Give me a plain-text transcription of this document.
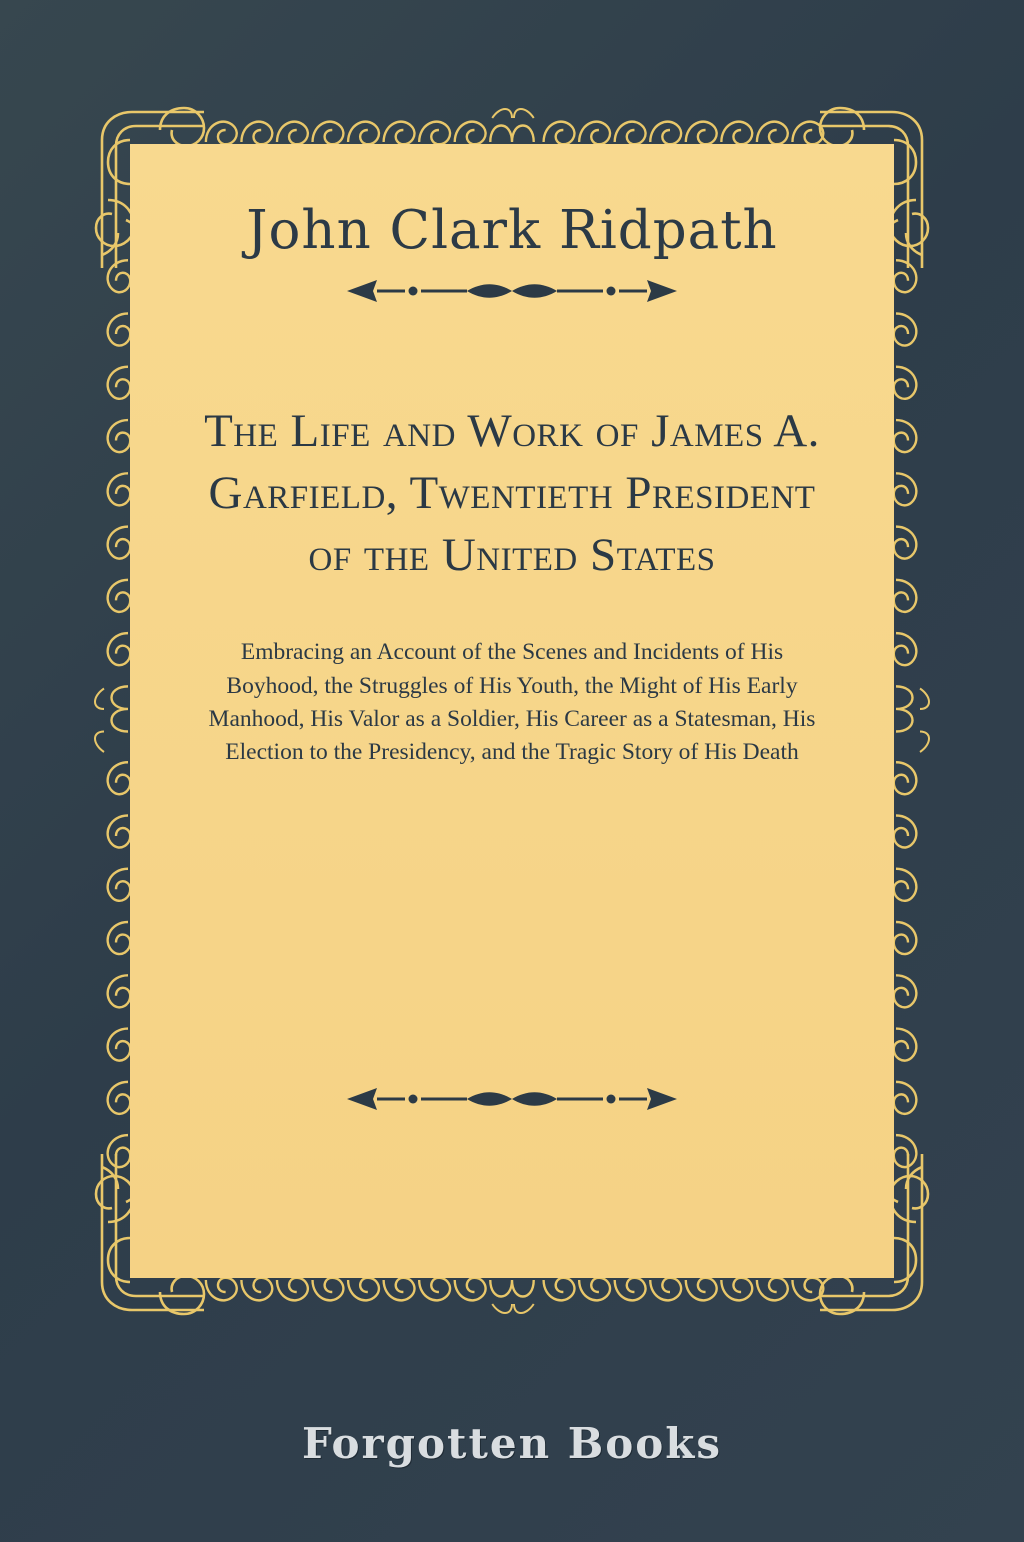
John Clark Ridpath
The Life and Work of James A. Garfield, Twentieth President of the United States
Embracing an Account of the Scenes and Incidents of His Boyhood, the Struggles of His Youth, the Might of His Early Manhood, His Valor as a Soldier, His Career as a Statesman, His Election to the Presidency, and the Tragic Story of His Death
Forgotten Books
